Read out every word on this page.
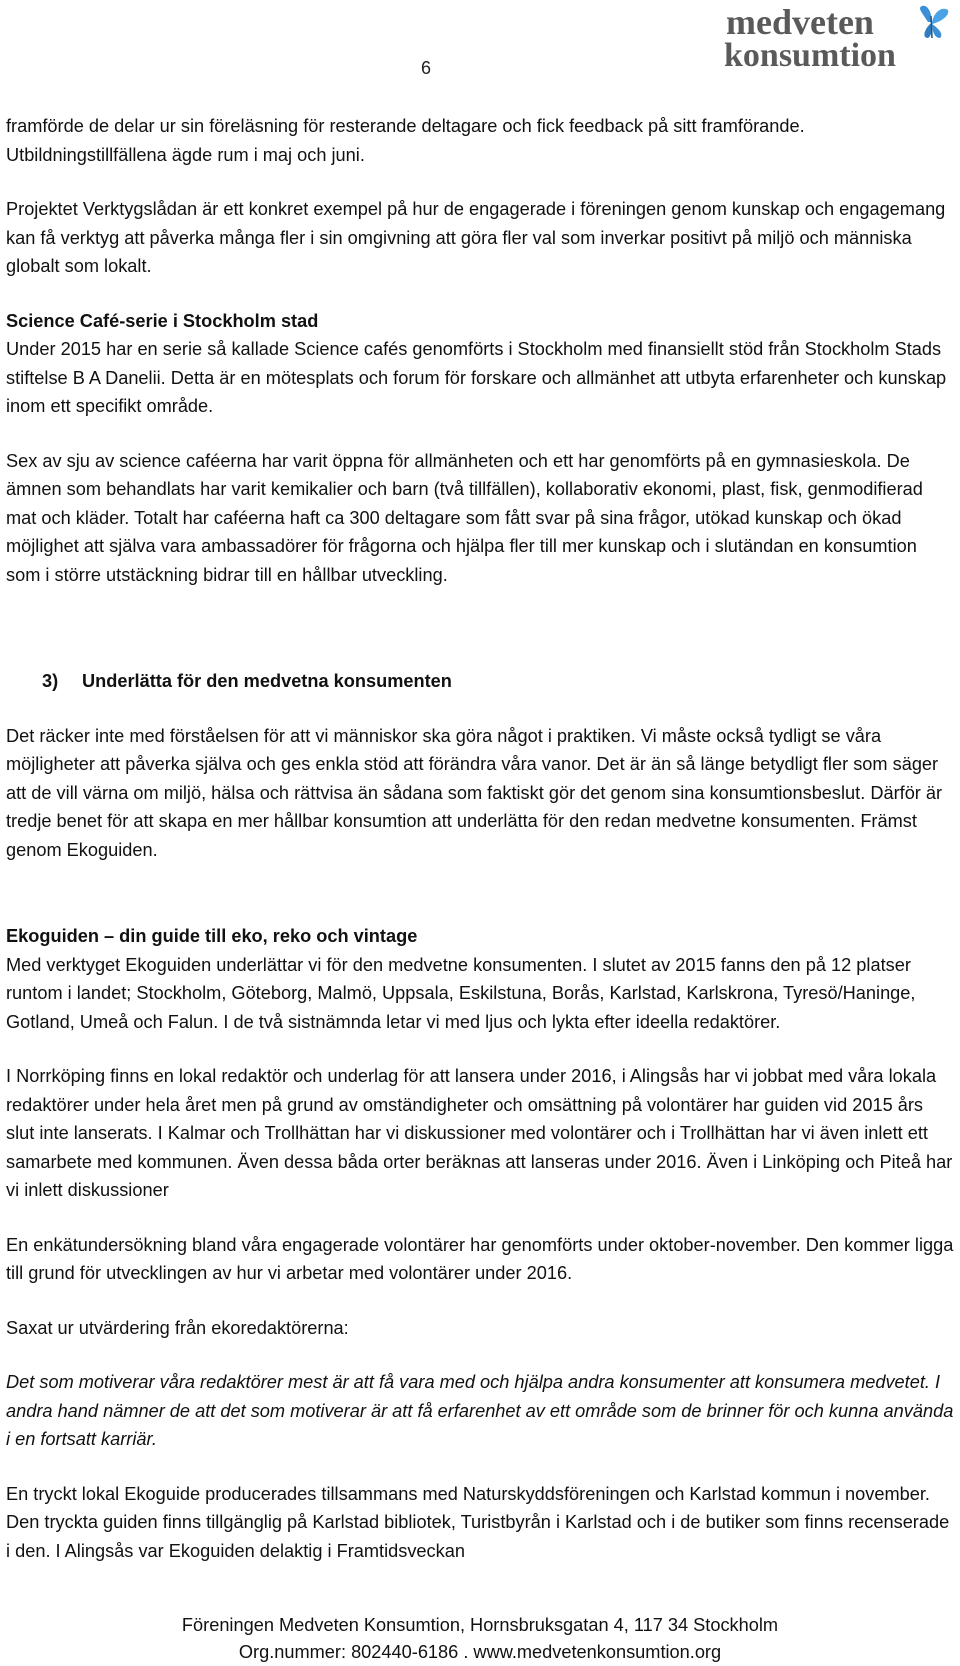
6
medveten
konsumtion

framförde de delar ur sin föreläsning för resterande deltagare och fick feedback på sitt framförande. Utbildningstillfällena ägde rum i maj och juni.

Projektet Verktygslådan är ett konkret exempel på hur de engagerade i föreningen genom kunskap och engagemang kan få verktyg att påverka många fler i sin omgivning att göra fler val som inverkar positivt på miljö och människa globalt som lokalt.

Science Café-serie i Stockholm stad

Under 2015 har en serie så kallade Science cafés genomförts i Stockholm med finansiellt stöd från Stockholm Stads stiftelse B A Danelii. Detta är en mötesplats och forum för forskare och allmänhet att utbyta erfarenheter och kunskap inom ett specifikt område.

Sex av sju av science caféerna har varit öppna för allmänheten och ett har genomförts på en gymnasieskola. De ämnen som behandlats har varit kemikalier och barn (två tillfällen), kollaborativ ekonomi, plast, fisk, genmodifierad mat och kläder. Totalt har caféerna haft ca 300 deltagare som fått svar på sina frågor, utökad kunskap och ökad möjlighet att själva vara ambassadörer för frågorna och hjälpa fler till mer kunskap och i slutändan en konsumtion som i större utstäckning bidrar till en hållbar utveckling.

3) Underlätta för den medvetna konsumenten

Det räcker inte med förståelsen för att vi människor ska göra något i praktiken. Vi måste också tydligt se våra möjligheter att påverka själva och ges enkla stöd att förändra våra vanor. Det är än så länge betydligt fler som säger att de vill värna om miljö, hälsa och rättvisa än sådana som faktiskt gör det genom sina konsumtionsbeslut. Därför är tredje benet för att skapa en mer hållbar konsumtion att underlätta för den redan medvetne konsumenten. Främst genom Ekoguiden.

Ekoguiden – din guide till eko, reko och vintage

Med verktyget Ekoguiden underlättar vi för den medvetne konsumenten. I slutet av 2015 fanns den på 12 platser runtom i landet; Stockholm, Göteborg, Malmö, Uppsala, Eskilstuna, Borås, Karlstad, Karlskrona, Tyresö/Haninge, Gotland, Umeå och Falun. I de två sistnämnda letar vi med ljus och lykta efter ideella redaktörer.

I Norrköping finns en lokal redaktör och underlag för att lansera under 2016, i Alingsås har vi jobbat med våra lokala redaktörer under hela året men på grund av omständigheter och omsättning på volontärer har guiden vid 2015 års slut inte lanserats. I Kalmar och Trollhättan har vi diskussioner med volontärer och i Trollhättan har vi även inlett ett samarbete med kommunen. Även dessa båda orter beräknas att lanseras under 2016. Även i Linköping och Piteå har vi inlett diskussioner

En enkätundersökning bland våra engagerade volontärer har genomförts under oktober-november. Den kommer ligga till grund för utvecklingen av hur vi arbetar med volontärer under 2016.

Saxat ur utvärdering från ekoredaktörerna:

Det som motiverar våra redaktörer mest är att få vara med och hjälpa andra konsumenter att konsumera medvetet. I andra hand nämner de att det som motiverar är att få erfarenhet av ett område som de brinner för och kunna använda i en fortsatt karriär.

En tryckt lokal Ekoguide producerades tillsammans med Naturskyddsföreningen och Karlstad kommun i november. Den tryckta guiden finns tillgänglig på Karlstad bibliotek, Turistbyrån i Karlstad och i de butiker som finns recenserade i den. I Alingsås var Ekoguiden delaktig i Framtidsveckan

Föreningen Medveten Konsumtion, Hornsbruksgatan 4, 117 34 Stockholm
Org.nummer: 802440-6186 . www.medvetenkonsumtion.org
